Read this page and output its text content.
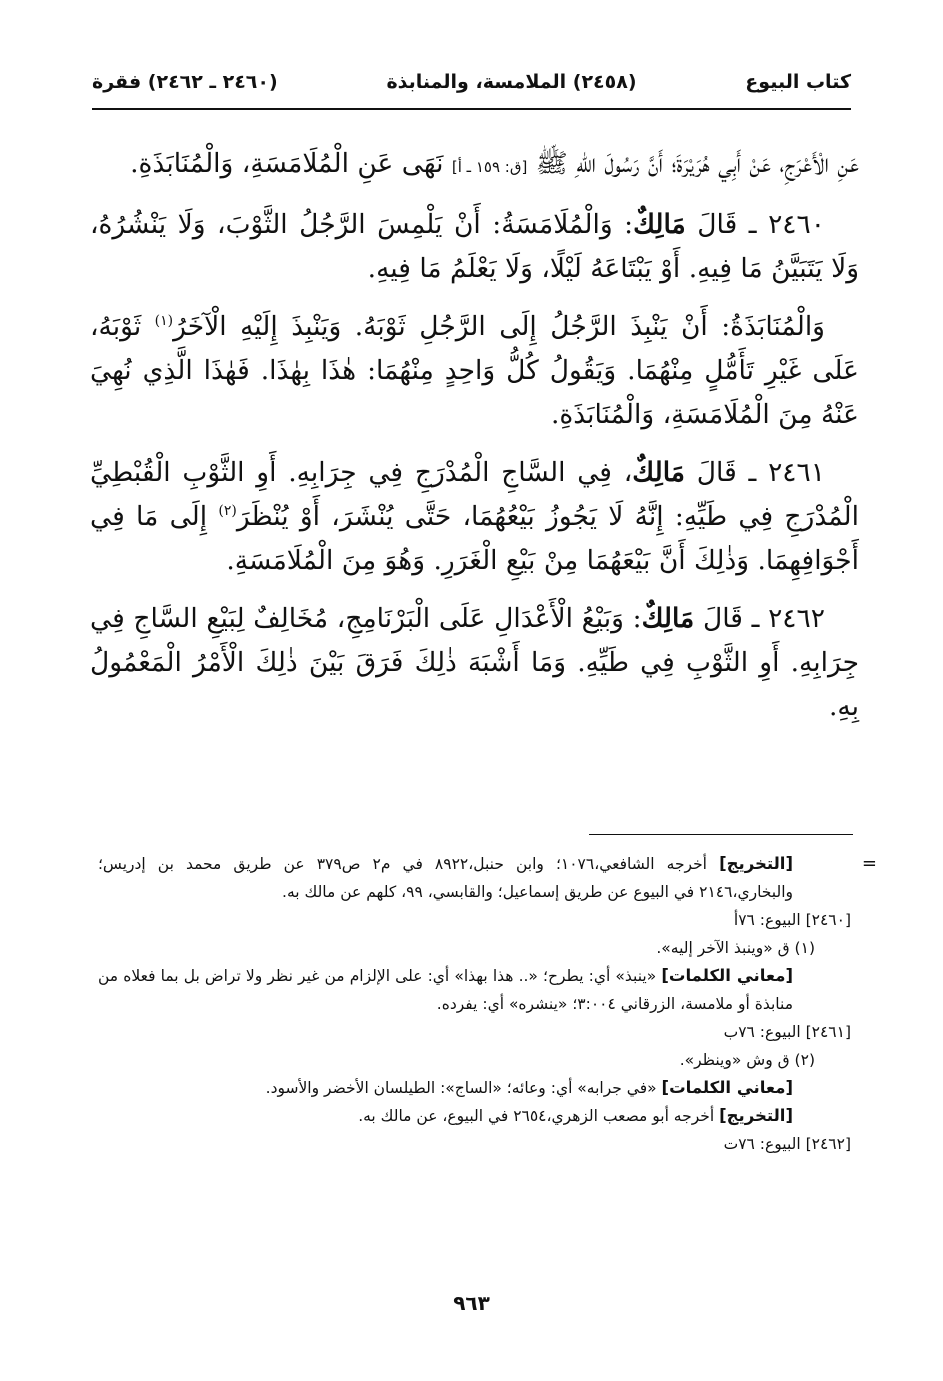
كتاب البيوع
(٢٤٥٨) الملامسة، والمنابذة
(٢٤٦٠ ـ ٢٤٦٢) فقرة

عَنِ الْأَعْرَجِ، عَنْ أَبِي هُرَيْرَةَ؛ أَنَّ رَسُولَ اللّٰهِ ﷺ [ق: ١٥٩ ـ أ] نَهَى عَنِ الْمُلَامَسَةِ، وَالْمُنَابَذَةِ.

٢٤٦٠ ـ قَالَ مَالِكٌ: وَالْمُلَامَسَةُ: أَنْ يَلْمِسَ الرَّجُلُ الثَّوْبَ، وَلَا يَنْشُرُهُ، وَلَا يَتَبَيَّنُ مَا فِيهِ. أَوْ يَبْتَاعَهُ لَيْلًا، وَلَا يَعْلَمُ مَا فِيهِ.

وَالْمُنَابَذَةُ: أَنْ يَنْبِذَ الرَّجُلُ إِلَى الرَّجُلِ ثَوْبَهُ. وَيَنْبِذَ إِلَيْهِ الْآخَرُ$^{(١)}$ ثَوْبَهُ، عَلَى غَيْرِ تَأَمُّلٍ مِنْهُمَا. وَيَقُولُ كُلُّ وَاحِدٍ مِنْهُمَا: هٰذَا بِهٰذَا. فَهٰذَا الَّذِي نُهِيَ عَنْهُ مِنَ الْمُلَامَسَةِ، وَالْمُنَابَذَةِ.

٢٤٦١ ـ قَالَ مَالِكٌ، فِي السَّاجِ الْمُدْرَجِ فِي جِرَابِهِ. أَوِ الثَّوْبِ الْقُبْطِيِّ الْمُدْرَجِ فِي طَيِّهِ: إِنَّهُ لَا يَجُوزُ بَيْعُهُمَا، حَتَّى يُنْشَرَ، أَوْ يُنْظَرَ$^{(٢)}$ إِلَى مَا فِي أَجْوَافِهِمَا. وَذٰلِكَ أَنَّ بَيْعَهُمَا مِنْ بَيْعِ الْغَرَرِ. وَهُوَ مِنَ الْمُلَامَسَةِ.

٢٤٦٢ ـ قَالَ مَالِكٌ: وَبَيْعُ الْأَعْدَالِ عَلَى الْبَرْنَامِجِ، مُخَالِفٌ لِبَيْعِ السَّاجِ فِي جِرَابِهِ. أَوِ الثَّوْبِ فِي طَيِّهِ. وَمَا أَشْبَهَ ذٰلِكَ فَرَقَ بَيْنَ ذٰلِكَ الْأَمْرُ الْمَعْمُولُ بِهِ.

=
[التخريج] أخرجه الشافعي،١٠٧٦؛ وابن حنبل،٨٩٢٢ في م٢ ص٣٧٩ عن طريق محمد بن إدريس؛ والبخاري،٢١٤٦ في البيوع عن طريق إسماعيل؛ والقابسي، ٩٩، كلهم عن مالك به.

[٢٤٦٠] البيوع: ٧٦أ

(١) ق «وينبذ الآخر إليه».

[معاني الكلمات] «ينبذ» أي: يطرح؛ «.. هذا بهذا» أي: على الإلزام من غير نظر ولا تراض بل بما فعلاه من منابذة أو ملامسة، الزرقاني ٣:٠٠٤؛ «ينشره» أي: يفرده.

[٢٤٦١] البيوع: ٧٦ب

(٢) ق وش «وينظر».

[معاني الكلمات] «في جرابه» أي: وعائه؛ «الساج»: الطيلسان الأخضر والأسود.

[التخريج] أخرجه أبو مصعب الزهري،٢٦٥٤ في البيوع، عن مالك به.

[٢٤٦٢] البيوع: ٧٦ت

٩٦٣
